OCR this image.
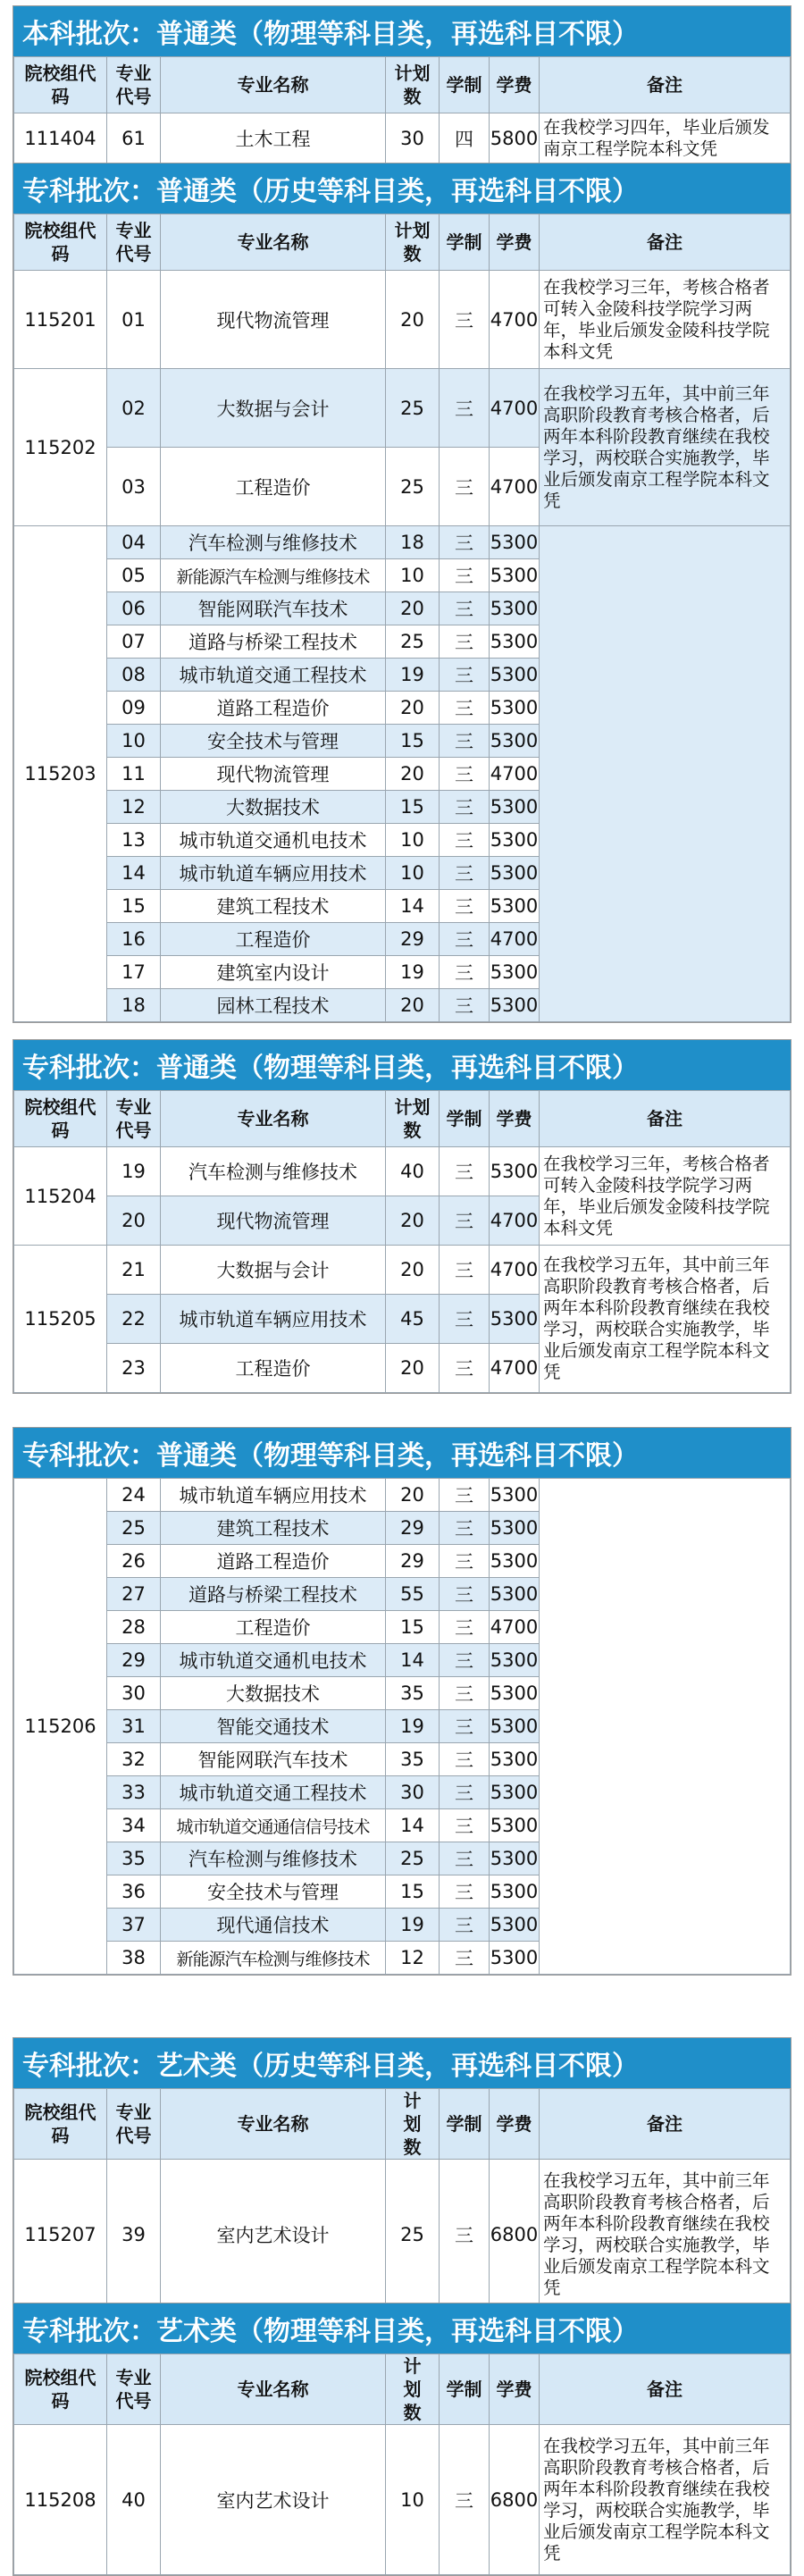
本科批次：普通类（物理等科目类，再选科目不限）
院校组代码	专业代号	专业名称	计划数	学制	学费	备注
111404	61	土木工程	30	四	5800	在我校学习四年，毕业后颁发南京工程学院本科文凭
专科批次：普通类（历史等科目类，再选科目不限）
院校组代码	专业代号	专业名称	计划数	学制	学费	备注
115201	01	现代物流管理	20	三	4700	在我校学习三年，考核合格者可转入金陵科技学院学习两年，毕业后颁发金陵科技学院本科文凭
115202	02	大数据与会计	25	三	4700	在我校学习五年，其中前三年高职阶段教育考核合格者，后两年本科阶段教育继续在我校学习，两校联合实施教学，毕业后颁发南京工程学院本科文凭
	03	工程造价	25	三	4700	
115203	04	汽车检测与维修技术	18	三	5300	
	05	新能源汽车检测与维修技术	10	三	5300	
	06	智能网联汽车技术	20	三	5300	
	07	道路与桥梁工程技术	25	三	5300	
	08	城市轨道交通工程技术	19	三	5300	
	09	道路工程造价	20	三	5300	
	10	安全技术与管理	15	三	5300	
	11	现代物流管理	20	三	4700	
	12	大数据技术	15	三	5300	
	13	城市轨道交通机电技术	10	三	5300	
	14	城市轨道车辆应用技术	10	三	5300	
	15	建筑工程技术	14	三	5300	
	16	工程造价	29	三	4700	
	17	建筑室内设计	19	三	5300	
	18	园林工程技术	20	三	5300	
专科批次：普通类（物理等科目类，再选科目不限）
院校组代码	专业代号	专业名称	计划数	学制	学费	备注
115204	19	汽车检测与维修技术	40	三	5300	在我校学习三年，考核合格者可转入金陵科技学院学习两年，毕业后颁发金陵科技学院本科文凭
	20	现代物流管理	20	三	4700	
115205	21	大数据与会计	20	三	4700	在我校学习五年，其中前三年高职阶段教育考核合格者，后两年本科阶段教育继续在我校学习，两校联合实施教学，毕业后颁发南京工程学院本科文凭
	22	城市轨道车辆应用技术	45	三	5300	
	23	工程造价	20	三	4700	
专科批次：普通类（物理等科目类，再选科目不限）
115206	24	城市轨道车辆应用技术	20	三	5300	
	25	建筑工程技术	29	三	5300	
	26	道路工程造价	29	三	5300	
	27	道路与桥梁工程技术	55	三	5300	
	28	工程造价	15	三	4700	
	29	城市轨道交通机电技术	14	三	5300	
	30	大数据技术	35	三	5300	
	31	智能交通技术	19	三	5300	
	32	智能网联汽车技术	35	三	5300	
	33	城市轨道交通工程技术	30	三	5300	
	34	城市轨道交通通信信号技术	14	三	5300	
	35	汽车检测与维修技术	25	三	5300	
	36	安全技术与管理	15	三	5300	
	37	现代通信技术	19	三	5300	
	38	新能源汽车检测与维修技术	12	三	5300	
专科批次：艺术类（历史等科目类，再选科目不限）
院校组代码	专业代号	专业名称	计划数	学制	学费	备注
115207	39	室内艺术设计	25	三	6800	在我校学习五年，其中前三年高职阶段教育考核合格者，后两年本科阶段教育继续在我校学习，两校联合实施教学，毕业后颁发南京工程学院本科文凭
专科批次：艺术类（物理等科目类，再选科目不限）
院校组代码	专业代号	专业名称	计划数	学制	学费	备注
115208	40	室内艺术设计	10	三	6800	在我校学习五年，其中前三年高职阶段教育考核合格者，后两年本科阶段教育继续在我校学习，两校联合实施教学，毕业后颁发南京工程学院本科文凭
